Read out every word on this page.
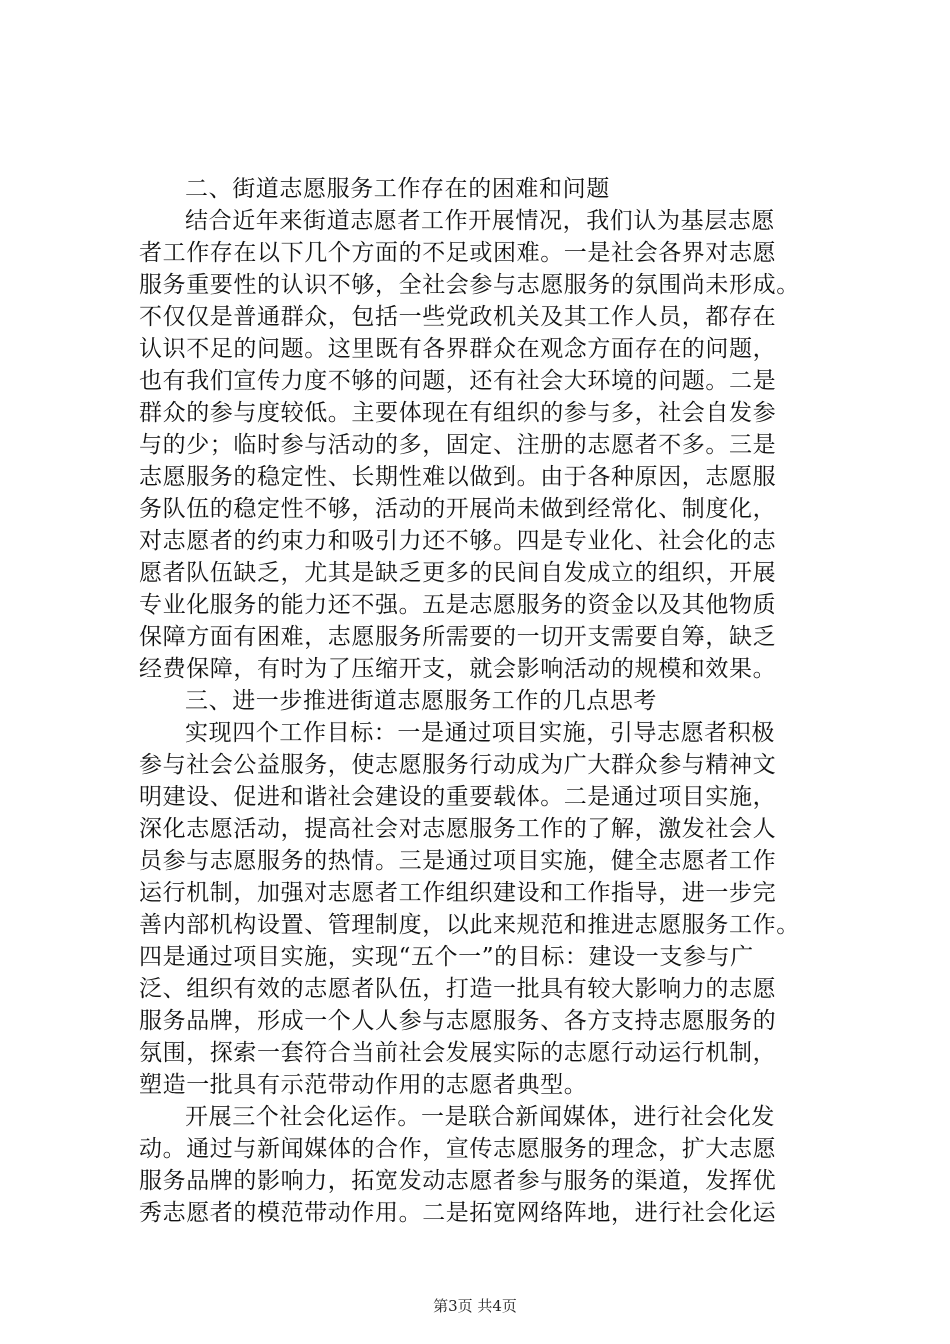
二、街道志愿服务工作存在的困难和问题
结合近年来街道志愿者工作开展情况，我们认为基层志愿
者工作存在以下几个方面的不足或困难。一是社会各界对志愿
服务重要性的认识不够，全社会参与志愿服务的氛围尚未形成。
不仅仅是普通群众，包括一些党政机关及其工作人员，都存在
认识不足的问题。这里既有各界群众在观念方面存在的问题，
也有我们宣传力度不够的问题，还有社会大环境的问题。二是
群众的参与度较低。主要体现在有组织的参与多，社会自发参
与的少；临时参与活动的多，固定、注册的志愿者不多。三是
志愿服务的稳定性、长期性难以做到。由于各种原因，志愿服
务队伍的稳定性不够，活动的开展尚未做到经常化、制度化，
对志愿者的约束力和吸引力还不够。四是专业化、社会化的志
愿者队伍缺乏，尤其是缺乏更多的民间自发成立的组织，开展
专业化服务的能力还不强。五是志愿服务的资金以及其他物质
保障方面有困难，志愿服务所需要的一切开支需要自筹，缺乏
经费保障，有时为了压缩开支，就会影响活动的规模和效果。
三、进一步推进街道志愿服务工作的几点思考
实现四个工作目标：一是通过项目实施，引导志愿者积极
参与社会公益服务，使志愿服务行动成为广大群众参与精神文
明建设、促进和谐社会建设的重要载体。二是通过项目实施，
深化志愿活动，提高社会对志愿服务工作的了解，激发社会人
员参与志愿服务的热情。三是通过项目实施，健全志愿者工作
运行机制，加强对志愿者工作组织建设和工作指导，进一步完
善内部机构设置、管理制度，以此来规范和推进志愿服务工作。
四是通过项目实施，实现“五个一”的目标：建设一支参与广
泛、组织有效的志愿者队伍，打造一批具有较大影响力的志愿
服务品牌，形成一个人人参与志愿服务、各方支持志愿服务的
氛围，探索一套符合当前社会发展实际的志愿行动运行机制，
塑造一批具有示范带动作用的志愿者典型。
开展三个社会化运作。一是联合新闻媒体，进行社会化发
动。通过与新闻媒体的合作，宣传志愿服务的理念，扩大志愿
服务品牌的影响力，拓宽发动志愿者参与服务的渠道，发挥优
秀志愿者的模范带动作用。二是拓宽网络阵地，进行社会化运
第3页 共4页
